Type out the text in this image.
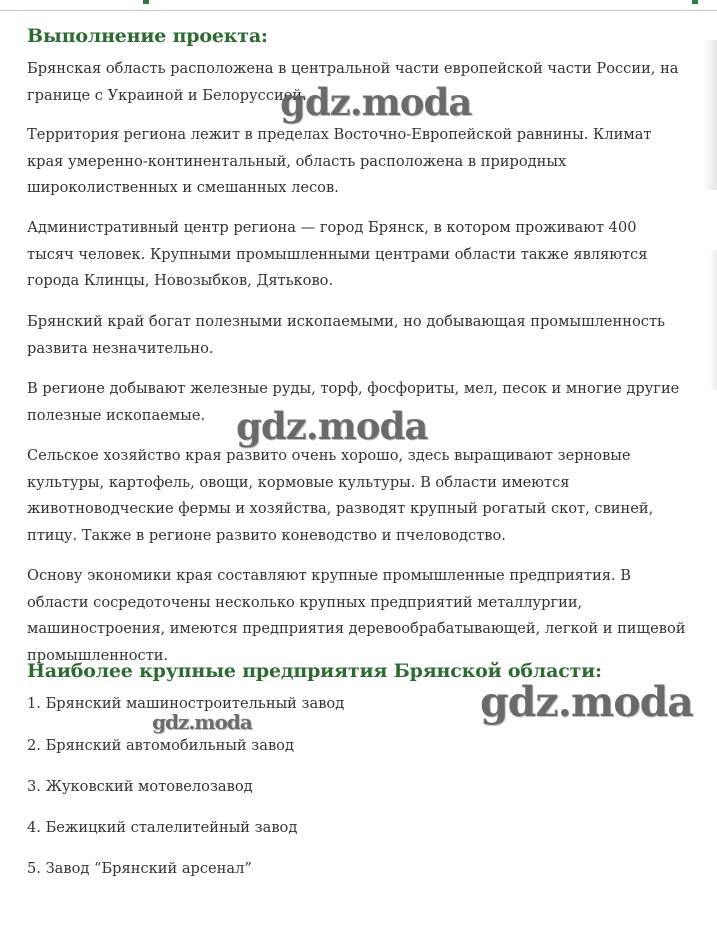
Выполнение проекта:

Брянская область расположена в центральной части европейской части России, на границе с Украиной и Белоруссией.

Территория региона лежит в пределах Восточно-Европейской равнины. Климат края умеренно-континентальный, область расположена в природных широколиственных и смешанных лесов.

Административный центр региона — город Брянск, в котором проживают 400 тысяч человек. Крупными промышленными центрами области также являются города Клинцы, Новозыбков, Дятьково.

Брянский край богат полезными ископаемыми, но добывающая промышленность развита незначительно.

В регионе добывают железные руды, торф, фосфориты, мел, песок и многие другие полезные ископаемые.

Сельское хозяйство края развито очень хорошо, здесь выращивают зерновые культуры, картофель, овощи, кормовые культуры. В области имеются животноводческие фермы и хозяйства, разводят крупный рогатый скот, свиней, птицу. Также в регионе развито коневодство и пчеловодство.

Основу экономики края составляют крупные промышленные предприятия. В области сосредоточены несколько крупных предприятий металлургии, машиностроения, имеются предприятия деревообрабатывающей, легкой и пищевой промышленности.

Наиболее крупные предприятия Брянской области:
1. Брянский машиностроительный завод
2. Брянский автомобильный завод
3. Жуковский мотовелозавод
4. Бежицкий сталелитейный завод
5. Завод “Брянский арсенал”
gdz.moda
gdz.moda
gdz.moda	gdz.moda
